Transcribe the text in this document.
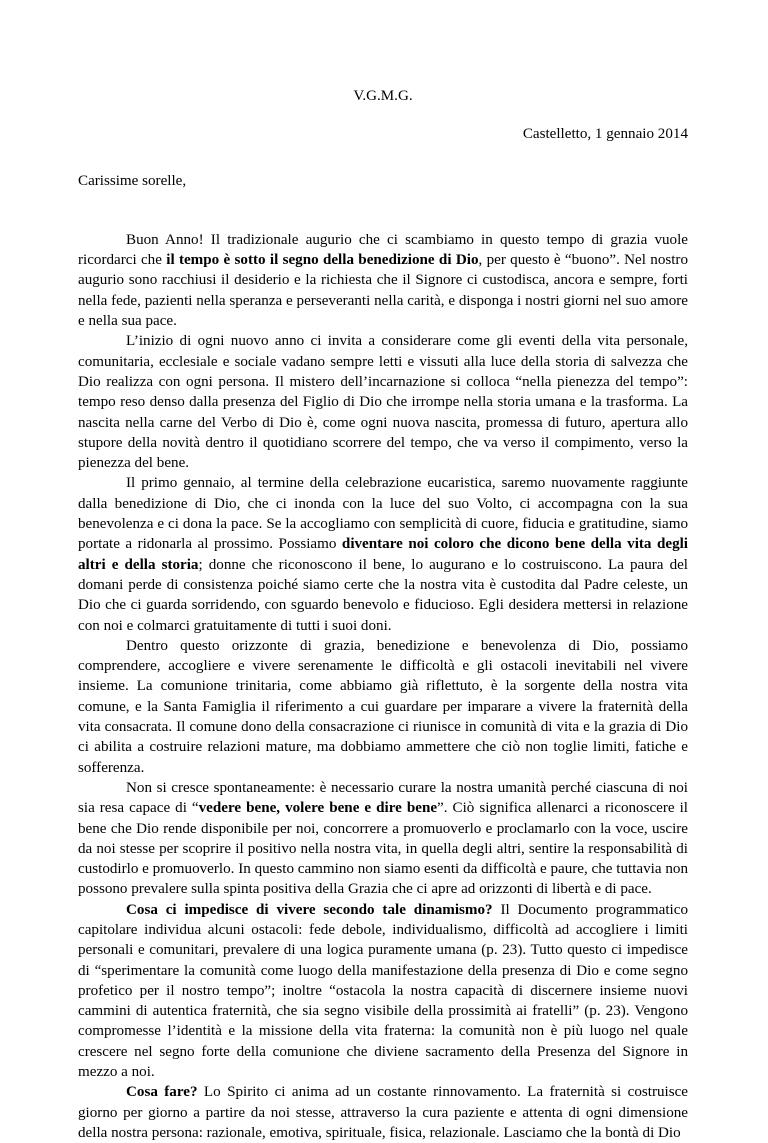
V.G.M.G.
Castelletto, 1 gennaio 2014
Carissime sorelle,

Buon Anno! Il tradizionale augurio che ci scambiamo in questo tempo di grazia vuole ricordarci che il tempo è sotto il segno della benedizione di Dio, per questo è “buono”. Nel nostro augurio sono racchiusi il desiderio e la richiesta che il Signore ci custodisca, ancora e sempre, forti nella fede, pazienti nella speranza e perseveranti nella carità, e disponga i nostri giorni nel suo amore e nella sua pace.

L’inizio di ogni nuovo anno ci invita a considerare come gli eventi della vita personale, comunitaria, ecclesiale e sociale vadano sempre letti e vissuti alla luce della storia di salvezza che Dio realizza con ogni persona. Il mistero dell’incarnazione si colloca “nella pienezza del tempo”: tempo reso denso dalla presenza del Figlio di Dio che irrompe nella storia umana e la trasforma. La nascita nella carne del Verbo di Dio è, come ogni nuova nascita, promessa di futuro, apertura allo stupore della novità dentro il quotidiano scorrere del tempo, che va verso il compimento, verso la pienezza del bene.

Il primo gennaio, al termine della celebrazione eucaristica, saremo nuovamente raggiunte dalla benedizione di Dio, che ci inonda con la luce del suo Volto, ci accompagna con la sua benevolenza e ci dona la pace. Se la accogliamo con semplicità di cuore, fiducia e gratitudine, siamo portate a ridonarla al prossimo. Possiamo diventare noi coloro che dicono bene della vita degli altri e della storia; donne che riconoscono il bene, lo augurano e lo costruiscono. La paura del domani perde di consistenza poiché siamo certe che la nostra vita è custodita dal Padre celeste, un Dio che ci guarda sorridendo, con sguardo benevolo e fiducioso. Egli desidera mettersi in relazione con noi e colmarci gratuitamente di tutti i suoi doni.

Dentro questo orizzonte di grazia, benedizione e benevolenza di Dio, possiamo comprendere, accogliere e vivere serenamente le difficoltà e gli ostacoli inevitabili nel vivere insieme. La comunione trinitaria, come abbiamo già riflettuto, è la sorgente della nostra vita comune, e la Santa Famiglia il riferimento a cui guardare per imparare a vivere la fraternità della vita consacrata. Il comune dono della consacrazione ci riunisce in comunità di vita e la grazia di Dio ci abilita a costruire relazioni mature, ma dobbiamo ammettere che ciò non toglie limiti, fatiche e sofferenza.

Non si cresce spontaneamente: è necessario curare la nostra umanità perché ciascuna di noi sia resa capace di “vedere bene, volere bene e dire bene”. Ciò significa allenarci a riconoscere il bene che Dio rende disponibile per noi, concorrere a promuoverlo e proclamarlo con la voce, uscire da noi stesse per scoprire il positivo nella nostra vita, in quella degli altri, sentire la responsabilità di custodirlo e promuoverlo. In questo cammino non siamo esenti da difficoltà e paure, che tuttavia non possono prevalere sulla spinta positiva della Grazia che ci apre ad orizzonti di libertà e di pace.

Cosa ci impedisce di vivere secondo tale dinamismo? Il Documento programmatico capitolare individua alcuni ostacoli: fede debole, individualismo, difficoltà ad accogliere i limiti personali e comunitari, prevalere di una logica puramente umana (p. 23). Tutto questo ci impedisce di “sperimentare la comunità come luogo della manifestazione della presenza di Dio e come segno profetico per il nostro tempo”; inoltre “ostacola la nostra capacità di discernere insieme nuovi cammini di autentica fraternità, che sia segno visibile della prossimità ai fratelli” (p. 23). Vengono compromesse l’identità e la missione della vita fraterna: la comunità non è più luogo nel quale crescere nel segno forte della comunione che diviene sacramento della Presenza del Signore in mezzo a noi.

Cosa fare? Lo Spirito ci anima ad un costante rinnovamento. La fraternità si costruisce giorno per giorno a partire da noi stesse, attraverso la cura paziente e attenta di ogni dimensione della nostra persona: razionale, emotiva, spirituale, fisica, relazionale. Lasciamo che la bontà di Dio
